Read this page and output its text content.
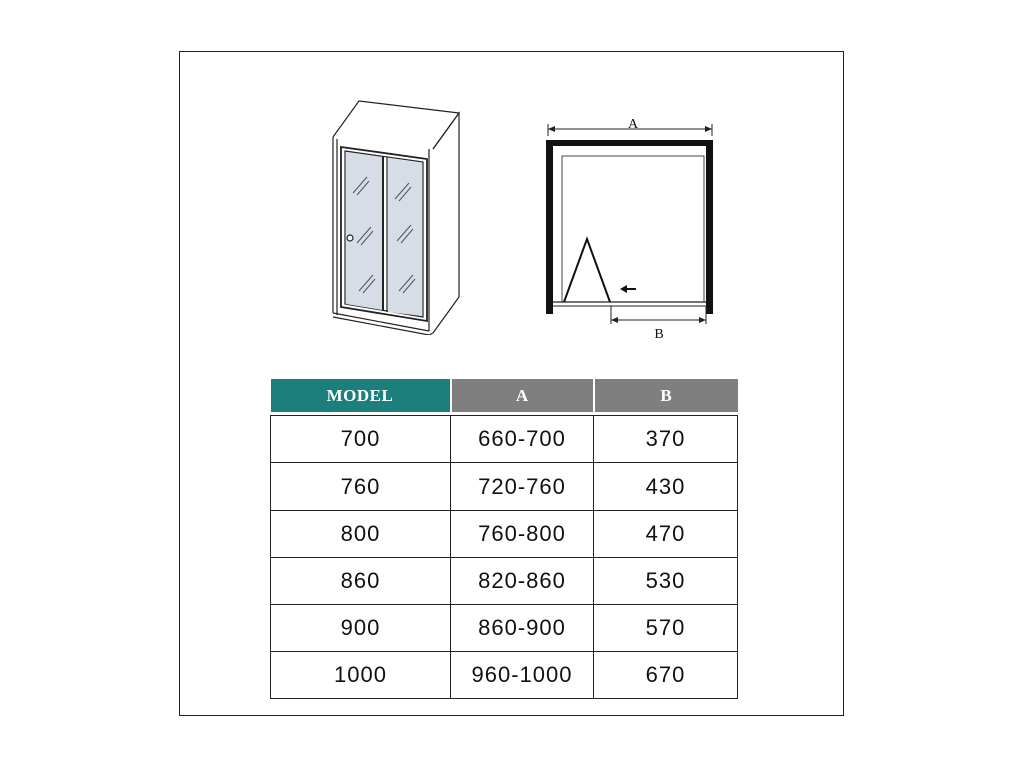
A
B
MODEL	A	B

700	660-700	370
760	720-760	430
800	760-800	470
860	820-860	530
900	860-900	570
1000	960-1000	670
